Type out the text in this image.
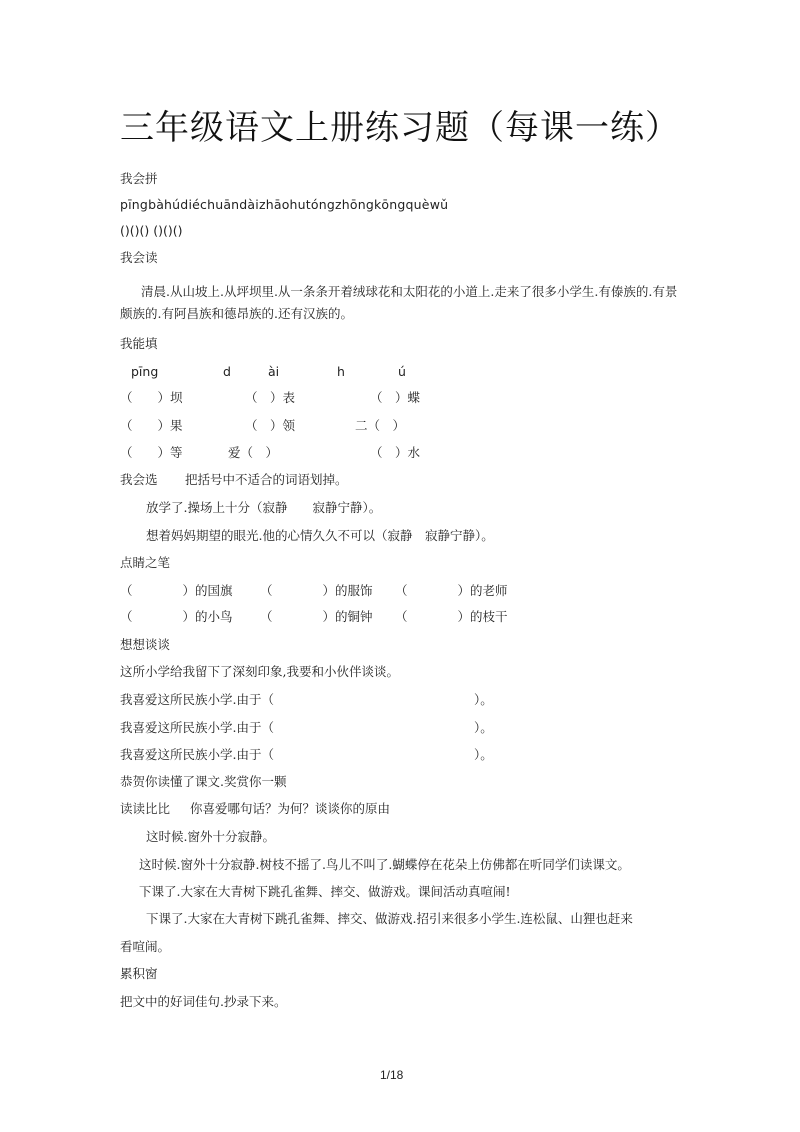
三年级语文上册练习题（每课一练）
我会拼
pīngbàhúdiéchuāndàizhāohutóngzhōngkōngquèwǔ
()()() ()()()
我会读
清晨.从山坡上.从坪坝里.从一条条开着绒球花和太阳花的小道上.走来了很多小学生.有傣族的.有景
颇族的.有阿昌族和德昂族的.还有汉族的。
我能填
pīng	d	ài	h	ú
（　　）坝	（　）表	（　）蝶
（　　）果	（　）领	二（　）
（　　）等	爱（　）	（　）水
我会选 把括号中不适合的词语划掉。
放学了.操场上十分（寂静　　寂静宁静）。
想着妈妈期望的眼光.他的心情久久不可以（寂静　寂静宁静）。
点睛之笔
（　　　　）的国旗 （　　　　）的服饰 （　　　　）的老师
（　　　　）的小鸟 （　　　　）的铜钟 （　　　　）的枝干
想想谈谈
这所小学给我留下了深刻印象,我要和小伙伴谈谈。
我喜爱这所民族小学.由于（　　　　　　　　　　　　　　　　）。
我喜爱这所民族小学.由于（　　　　　　　　　　　　　　　　）。
我喜爱这所民族小学.由于（　　　　　　　　　　　　　　　　）。
恭贺你读懂了课文.奖赏你一颗
读读比比 你喜爱哪句话？为何？谈谈你的原由
这时候.窗外十分寂静。
这时候.窗外十分寂静.树枝不摇了.鸟儿不叫了.蝴蝶停在花朵上仿佛都在听同学们读课文。
下课了.大家在大青树下跳孔雀舞、摔交、做游戏。课间活动真喧闹!
下课了.大家在大青树下跳孔雀舞、摔交、做游戏.招引来很多小学生.连松鼠、山狸也赶来
看喧闹。
累积窗
把文中的好词佳句.抄录下来。
1/18
